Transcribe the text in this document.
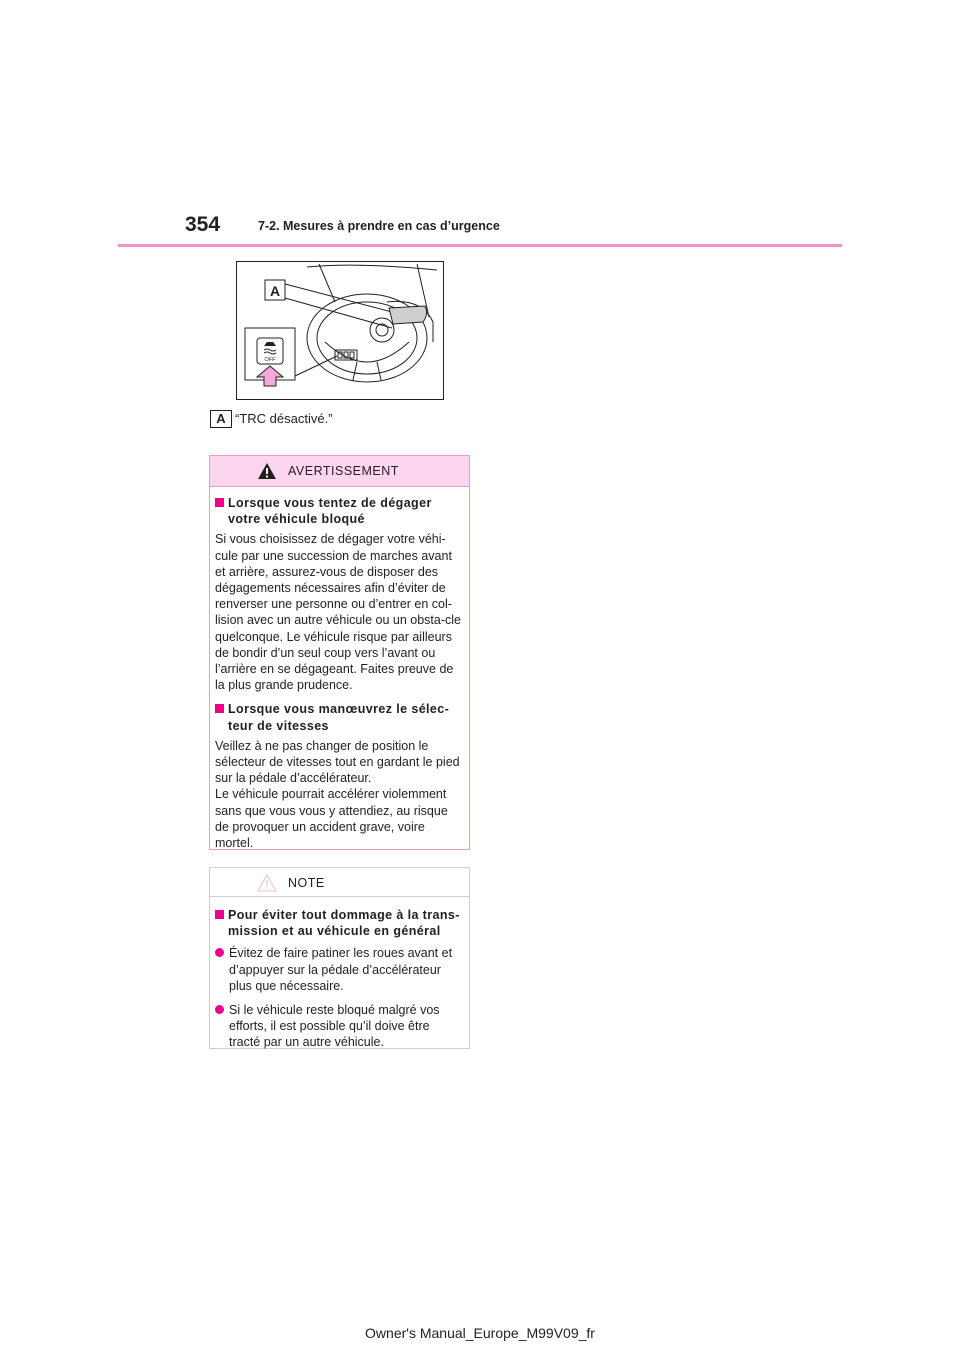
354	7-2. Mesures à prendre en cas d’urgence
A
OFF
A “TRC désactivé.”
AVERTISSEMENT
Lorsque vous tentez de dégager votre véhicule bloqué
Si vous choisissez de dégager votre véhi-cule par une succession de marches avant et arrière, assurez-vous de disposer des dégagements nécessaires afin d’éviter de renverser une personne ou d’entrer en col-lision avec un autre véhicule ou un obsta-cle quelconque. Le véhicule risque par ailleurs de bondir d’un seul coup vers l’avant ou l’arrière en se dégageant. Faites preuve de la plus grande prudence.
Lorsque vous manœuvrez le sélec-teur de vitesses
Veillez à ne pas changer de position le sélecteur de vitesses tout en gardant le pied sur la pédale d’accélérateur.
Le véhicule pourrait accélérer violemment sans que vous vous y attendiez, au risque de provoquer un accident grave, voire mortel.
NOTE
Pour éviter tout dommage à la trans-mission et au véhicule en général
Évitez de faire patiner les roues avant et d’appuyer sur la pédale d’accélérateur plus que nécessaire.
Si le véhicule reste bloqué malgré vos efforts, il est possible qu’il doive être tracté par un autre véhicule.
Owner's Manual_Europe_M99V09_fr
